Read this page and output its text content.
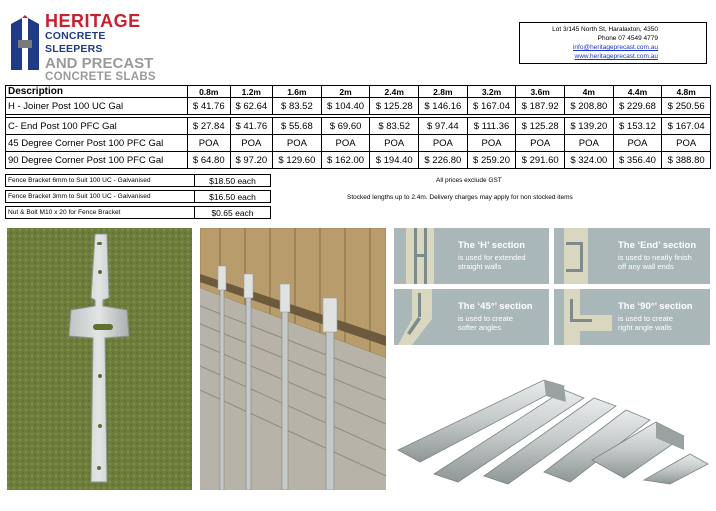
HERITAGE
CONCRETE SLEEPERS
AND PRECAST
CONCRETE SLABS
Lot 3/145 North St, Haralaxton, 4350
Phone 07 4549 4779
info@heritageprecast.com.au
www.heritageprecast.com.au
Description	0.8m	1.2m	1.6m	2m	2.4m	2.8m	3.2m	3.6m	4m	4.4m	4.8m
H - Joiner Post 100 UC Gal	$ 41.76	$ 62.64	$ 83.52	$ 104.40	$ 125.28	$ 146.16	$ 167.04	$ 187.92	$ 208.80	$ 229.68	$ 250.56

C- End Post 100 PFC Gal	$ 27.84	$ 41.76	$ 55.68	$ 69.60	$ 83.52	$ 97.44	$ 111.36	$ 125.28	$ 139.20	$ 153.12	$ 167.04
45 Degree Corner Post 100 PFC Gal	POA	POA	POA	POA	POA	POA	POA	POA	POA	POA	POA
90 Degree Corner Post 100 PFC Gal	$ 64.80	$ 97.20	$ 129.60	$ 162.00	$ 194.40	$ 226.80	$ 259.20	$ 291.60	$ 324.00	$ 356.40	$ 388.80
Fence Bracket 6mm to Suit 100 UC - Galvanised	$18.50 each
Fence Bracket 3mm to Suit 100 UC - Galvanised	$16.50 each
Nut & Bolt M10 x 20 for Fence Bracket	$0.65 each
All prices exclude GST
Stocked lengths up to 2.4m. Delivery charges may apply for non stocked items
The ‘H’ section
is used for extended
straight walls
The ‘End’ section
is used to neatly finish
off any wall ends
The ‘45°’ section
is used to create
softer angles
The ‘90°’ section
is used to create
right angle walls
